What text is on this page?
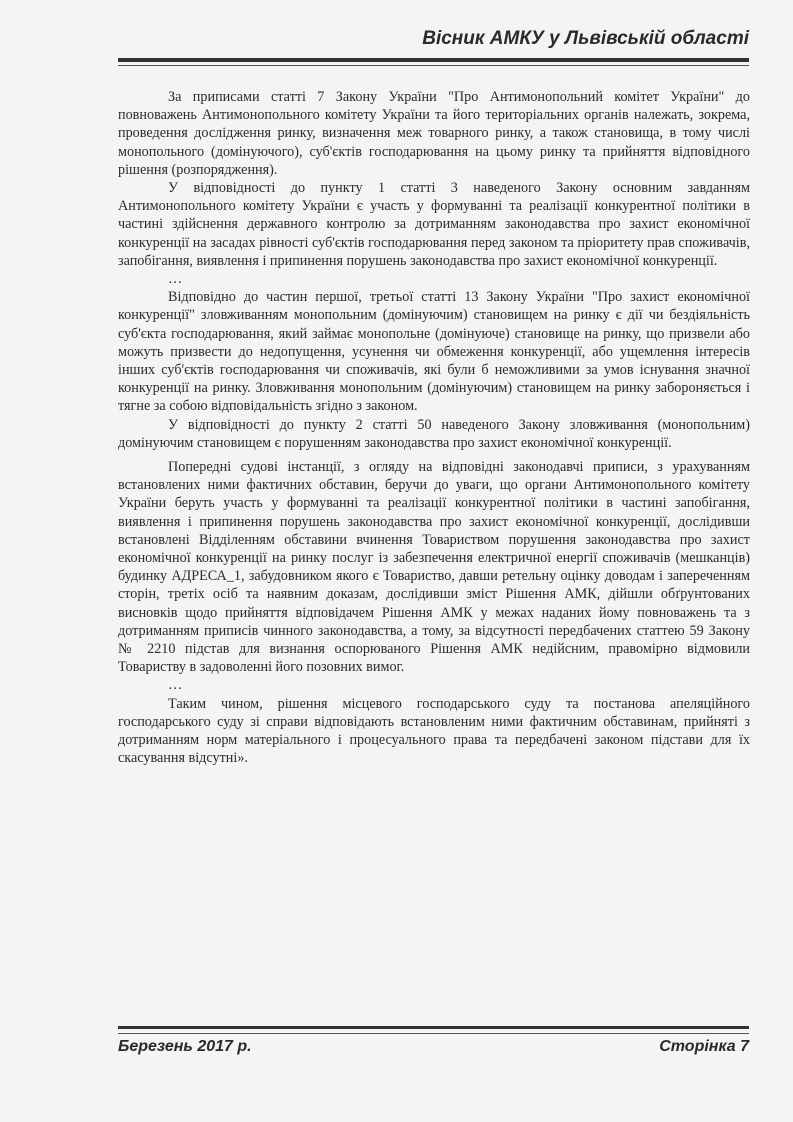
Вісник АМКУ у Львівській області

За приписами статті 7 Закону України "Про Антимонопольний комітет України" до повноважень Антимонопольного комітету України та його територіальних органів належать, зокрема, проведення дослідження ринку, визначення меж товарного ринку, а також становища, в тому числі монопольного (домінуючого), суб'єктів господарювання на цьому ринку та прийняття відповідного рішення (розпорядження).

У відповідності до пункту 1 статті 3 наведеного Закону основним завданням Антимонопольного комітету України є участь у формуванні та реалізації конкурентної політики в частині здійснення державного контролю за дотриманням законодавства про захист економічної конкуренції на засадах рівності суб'єктів господарювання перед законом та пріоритету прав споживачів, запобігання, виявлення і припинення порушень законодавства про захист економічної конкуренції.

…

Відповідно до частин першої, третьої статті 13 Закону України "Про захист економічної конкуренції" зловживанням монопольним (домінуючим) становищем на ринку є дії чи бездіяльність суб'єкта господарювання, який займає монопольне (домінуюче) становище на ринку, що призвели або можуть призвести до недопущення, усунення чи обмеження конкуренції, або ущемлення інтересів інших суб'єктів господарювання чи споживачів, які були б неможливими за умов існування значної конкуренції на ринку. Зловживання монопольним (домінуючим) становищем на ринку забороняється і тягне за собою відповідальність згідно з законом.

У відповідності до пункту 2 статті 50 наведеного Закону зловживання (монопольним) домінуючим становищем є порушенням законодавства про захист економічної конкуренції.

Попередні судові інстанції, з огляду на відповідні законодавчі приписи, з урахуванням встановлених ними фактичних обставин, беручи до уваги, що органи Антимонопольного комітету України беруть участь у формуванні та реалізації конкурентної політики в частині запобігання, виявлення і припинення порушень законодавства про захист економічної конкуренції, дослідивши встановлені Відділенням обставини вчинення Товариством порушення законодавства про захист економічної конкуренції на ринку послуг із забезпечення електричної енергії споживачів (мешканців) будинку АДРЕСА_1, забудовником якого є Товариство, давши ретельну оцінку доводам і запереченням сторін, третіх осіб та наявним доказам, дослідивши зміст Рішення АМК, дійшли обґрунтованих висновків щодо прийняття відповідачем Рішення АМК у межах наданих йому повноважень та з дотриманням приписів чинного законодавства, а тому, за відсутності передбачених статтею 59 Закону № 2210 підстав для визнання оспорюваного Рішення АМК недійсним, правомірно відмовили Товариству в задоволенні його позовних вимог.

…

Таким чином, рішення місцевого господарського суду та постанова апеляційного господарського суду зі справи відповідають встановленим ними фактичним обставинам, прийняті з дотриманням норм матеріального і процесуального права та передбачені законом підстави для їх скасування відсутні».

Березень 2017 р.	Сторінка 7
